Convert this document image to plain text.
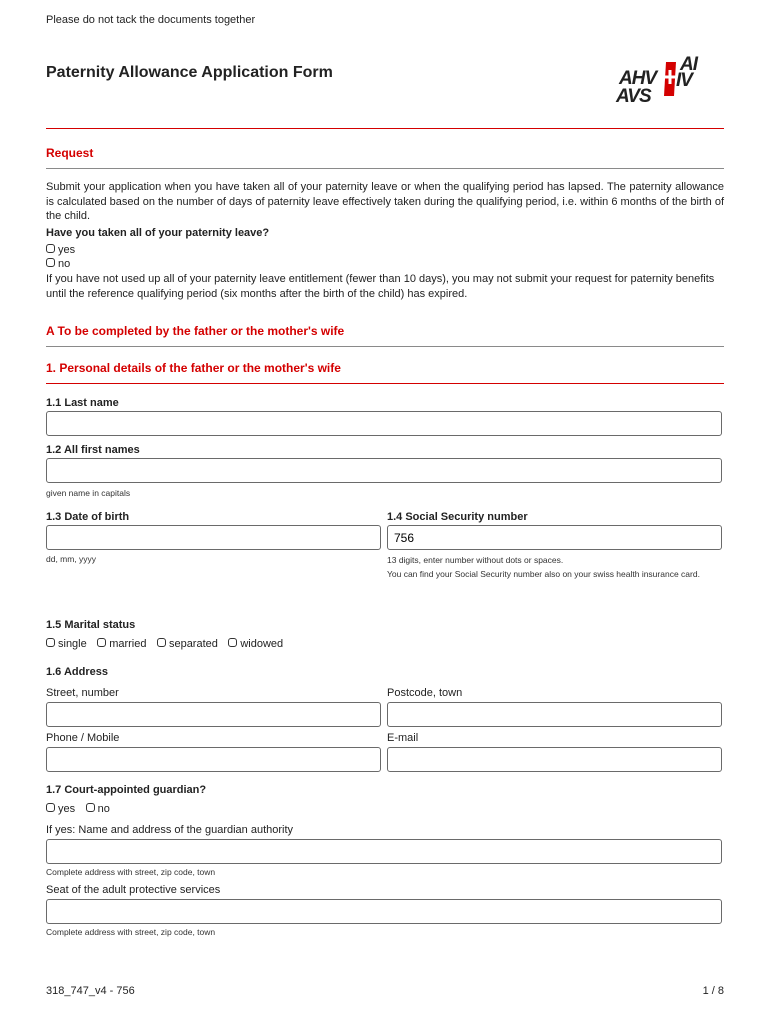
Please do not tack the documents together
Paternity Allowance Application Form	AHV
AVS
AI
IV
Request

Submit your application when you have taken all of your paternity leave or when the qualifying period has lapsed. The paternity allowance is calculated based on the number of days of paternity leave effectively taken during the qualifying period, i.e. within 6 months of the birth of the child.

Have you taken all of your paternity leave?
yes
no

If you have not used up all of your paternity leave entitlement (fewer than 10 days), you may not submit your request for paternity benefits until the reference qualifying period (six months after the birth of the child) has expired.

A To be completed by the father or the mother's wife
1. Personal details of the father or the mother's wife
1.1 Last name
1.2 All first names
given name in capitals
1.3 Date of birth
dd, mm, yyyy
1.4 Social Security number
756
13 digits, enter number without dots or spaces.
You can find your Social Security number also on your swiss health insurance card.
1.5 Marital status
single married separated widowed
1.6 Address
Street, number	Postcode, town
Phone / Mobile	E-mail
1.7 Court-appointed guardian?
yes no
If yes: Name and address of the guardian authority
Complete address with street, zip code, town
Seat of the adult protective services
Complete address with street, zip code, town
318_747_v4 - 756	1 / 8
